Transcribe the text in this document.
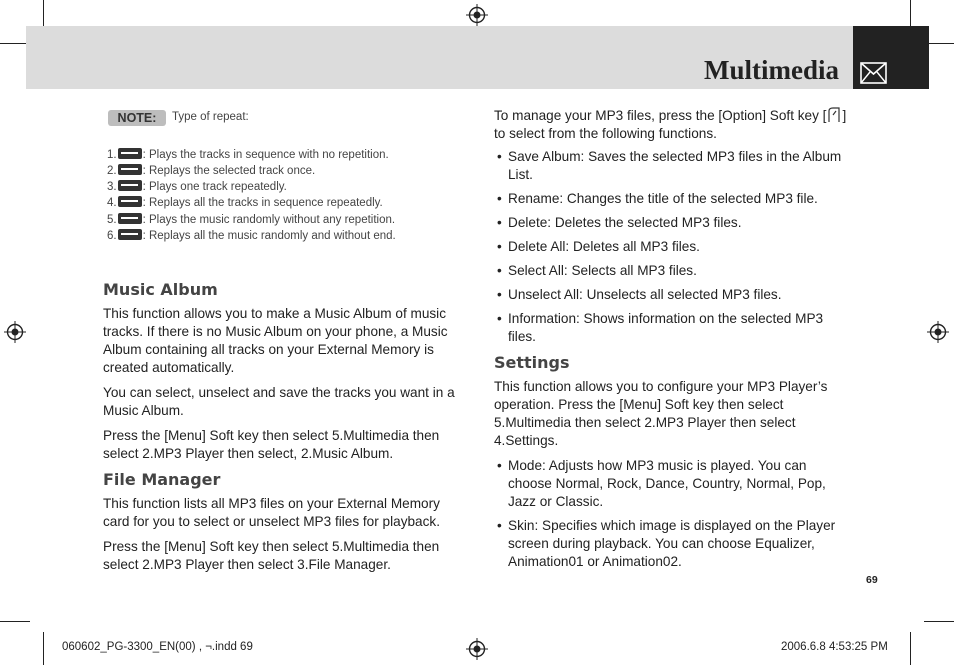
Multimedia
NOTE:	Type of repeat:
1. : Plays the tracks in sequence with no repetition.
2. : Replays the selected track once.
3. : Plays one track repeatedly.
4. : Replays all the tracks in sequence repeatedly.
5. : Plays the music randomly without any repetition.
6. : Replays all the music randomly and without end.
Music Album

This function allows you to make a Music Album of music tracks. If there is no Music Album on your phone, a Music Album containing all tracks on your External Memory is created automatically.

You can select, unselect and save the tracks you want in a Music Album.

Press the [Menu] Soft key then select 5.Multimedia then select 2.MP3 Player then select, 2.Music Album.

File Manager

This function lists all MP3 files on your External Memory card for you to select or unselect MP3 files for playback.

Press the [Menu] Soft key then select 5.Multimedia then select 2.MP3 Player then select 3.File Manager.

To manage your MP3 files, press the [Option] Soft key [ ] to select from the following functions.

• Save Album: Saves the selected MP3 files in the Album List.
• Rename: Changes the title of the selected MP3 file.
• Delete: Deletes the selected MP3 files.
• Delete All: Deletes all MP3 files.
• Select All: Selects all MP3 files.
• Unselect All: Unselects all selected MP3 files.
• Information: Shows information on the selected MP3 files.
Settings

This function allows you to configure your MP3 Player’s operation. Press the [Menu] Soft key then select 5.Multimedia then select 2.MP3 Player then select 4.Settings.

• Mode: Adjusts how MP3 music is played. You can choose Normal, Rock, Dance, Country, Normal, Pop, Jazz or Classic.
• Skin: Specifies which image is displayed on the Player screen during playback. You can choose Equalizer, Animation01 or Animation02.
69
060602_PG-3300_EN(00) , ¬.indd 69	2006.6.8 4:53:25 PM
